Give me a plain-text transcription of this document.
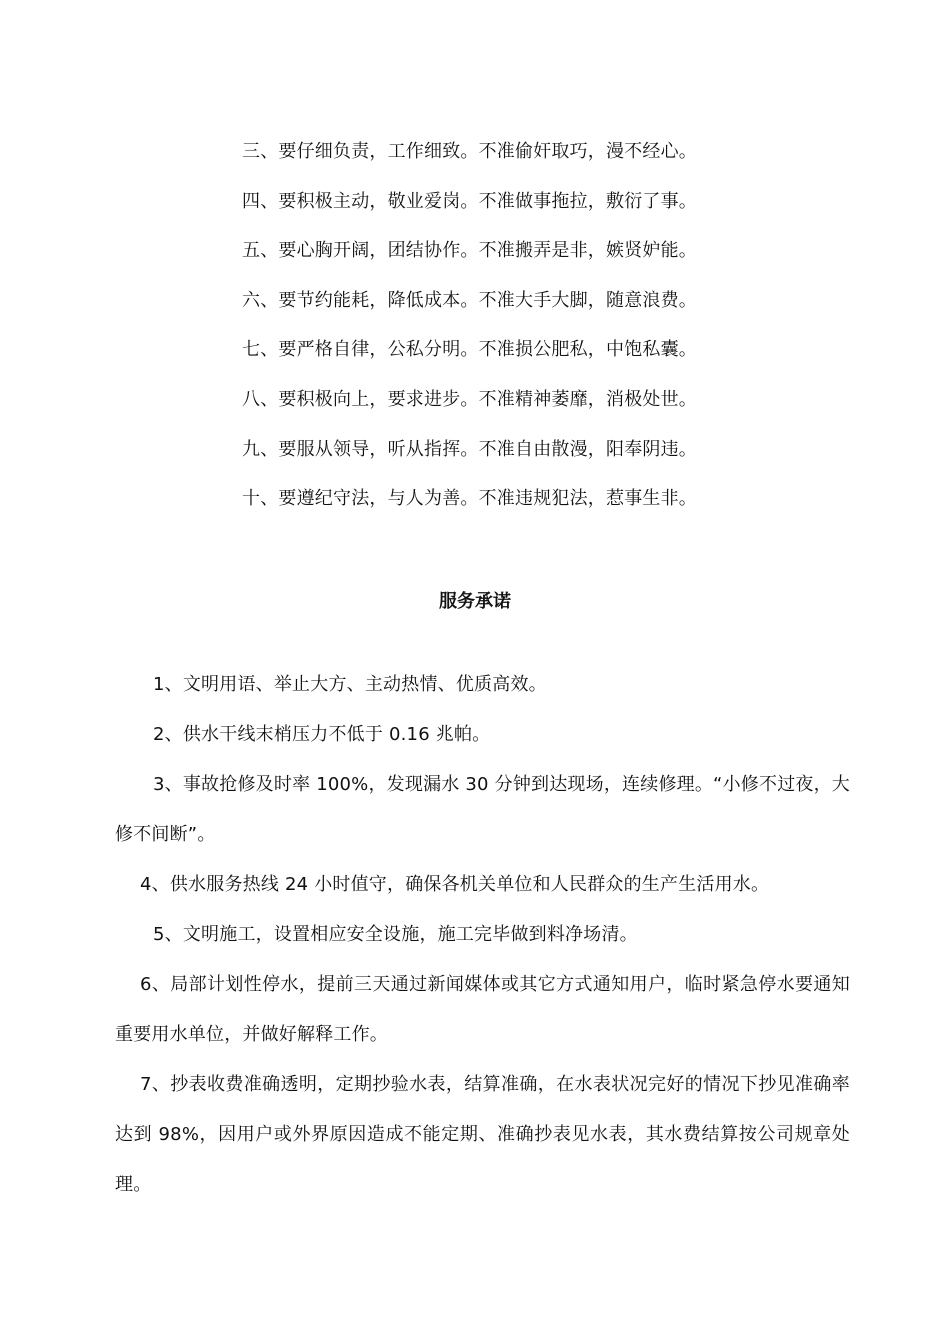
三、要仔细负责，工作细致。不准偷奸取巧，漫不经心。
四、要积极主动，敬业爱岗。不准做事拖拉，敷衍了事。
五、要心胸开阔，团结协作。不准搬弄是非，嫉贤妒能。
六、要节约能耗，降低成本。不准大手大脚，随意浪费。
七、要严格自律，公私分明。不准损公肥私，中饱私囊。
八、要积极向上，要求进步。不准精神萎靡，消极处世。
九、要服从领导，听从指挥。不准自由散漫，阳奉阴违。
十、要遵纪守法，与人为善。不准违规犯法，惹事生非。
服务承诺

1、文明用语、举止大方、主动热情、优质高效。

2、供水干线末梢压力不低于 0.16 兆帕。

3、事故抢修及时率 100%，发现漏水 30 分钟到达现场，连续修理。“小修不过夜，大修不间断”。

4、供水服务热线 24 小时值守，确保各机关单位和人民群众的生产生活用水。

5、文明施工，设置相应安全设施，施工完毕做到料净场清。

6、局部计划性停水，提前三天通过新闻媒体或其它方式通知用户，临时紧急停水要通知重要用水单位，并做好解释工作。

7、抄表收费准确透明，定期抄验水表，结算准确，在水表状况完好的情况下抄见准确率达到 98%，因用户或外界原因造成不能定期、准确抄表见水表，其水费结算按公司规章处理。
